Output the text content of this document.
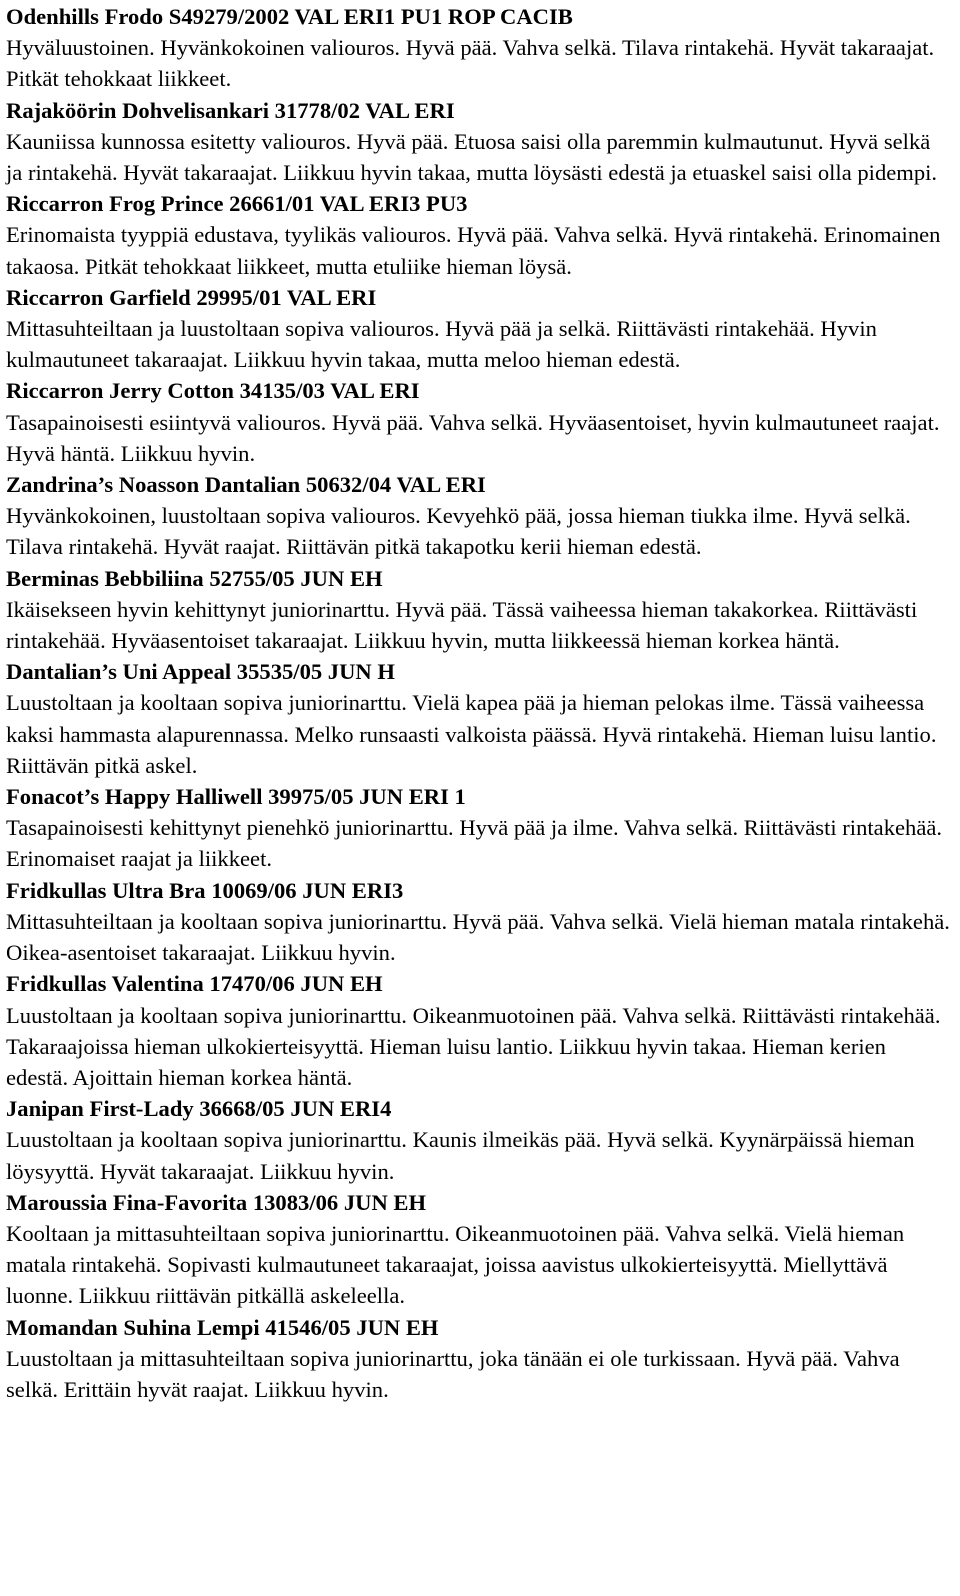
Odenhills Frodo S49279/2002 VAL ERI1 PU1 ROP CACIB
Hyväluustoinen. Hyvänkokoinen valiouros. Hyvä pää. Vahva selkä. Tilava rintakehä. Hyvät takaraajat. Pitkät tehokkaat liikkeet.
Rajaköörin Dohvelisankari 31778/02 VAL ERI
Kauniissa kunnossa esitetty valiouros. Hyvä pää. Etuosa saisi olla paremmin kulmautunut. Hyvä selkä ja rintakehä. Hyvät takaraajat. Liikkuu hyvin takaa, mutta löysästi edestä ja etuaskel saisi olla pidempi.
Riccarron Frog Prince 26661/01 VAL ERI3 PU3
Erinomaista tyyppiä edustava, tyylikäs valiouros. Hyvä pää. Vahva selkä. Hyvä rintakehä. Erinomainen takaosa. Pitkät tehokkaat liikkeet, mutta etuliike hieman löysä.
Riccarron Garfield 29995/01 VAL ERI
Mittasuhteiltaan ja luustoltaan sopiva valiouros. Hyvä pää ja selkä. Riittävästi rintakehää. Hyvin kulmautuneet takaraajat. Liikkuu hyvin takaa, mutta meloo hieman edestä.
Riccarron Jerry Cotton 34135/03 VAL ERI
Tasapainoisesti esiintyvä valiouros. Hyvä pää. Vahva selkä. Hyväasentoiset, hyvin kulmautuneet raajat. Hyvä häntä. Liikkuu hyvin.
Zandrina’s Noasson Dantalian 50632/04 VAL ERI
Hyvänkokoinen, luustoltaan sopiva valiouros. Kevyehkö pää, jossa hieman tiukka ilme. Hyvä selkä. Tilava rintakehä. Hyvät raajat. Riittävän pitkä takapotku kerii hieman edestä.
Berminas Bebbiliina 52755/05 JUN EH
Ikäisekseen hyvin kehittynyt juniorinarttu. Hyvä pää. Tässä vaiheessa hieman takakorkea. Riittävästi rintakehää. Hyväasentoiset takaraajat. Liikkuu hyvin, mutta liikkeessä hieman korkea häntä.
Dantalian’s Uni Appeal 35535/05 JUN H
Luustoltaan ja kooltaan sopiva juniorinarttu. Vielä kapea pää ja hieman pelokas ilme. Tässä vaiheessa kaksi hammasta alapurennassa. Melko runsaasti valkoista päässä. Hyvä rintakehä. Hieman luisu lantio. Riittävän pitkä askel.
Fonacot’s Happy Halliwell 39975/05 JUN ERI 1
Tasapainoisesti kehittynyt pienehkö juniorinarttu. Hyvä pää ja ilme. Vahva selkä. Riittävästi rintakehää. Erinomaiset raajat ja liikkeet.
Fridkullas Ultra Bra 10069/06 JUN ERI3
Mittasuhteiltaan ja kooltaan sopiva juniorinarttu. Hyvä pää. Vahva selkä. Vielä hieman matala rintakehä. Oikea-asentoiset takaraajat. Liikkuu hyvin.
Fridkullas Valentina 17470/06 JUN EH
Luustoltaan ja kooltaan sopiva juniorinarttu. Oikeanmuotoinen pää. Vahva selkä. Riittävästi rintakehää. Takaraajoissa hieman ulkokierteisyyttä. Hieman luisu lantio. Liikkuu hyvin takaa. Hieman kerien edestä. Ajoittain hieman korkea häntä.
Janipan First-Lady 36668/05 JUN ERI4
Luustoltaan ja kooltaan sopiva juniorinarttu. Kaunis ilmeikäs pää. Hyvä selkä. Kyynärpäissä hieman löysyyttä. Hyvät takaraajat. Liikkuu hyvin.
Maroussia Fina-Favorita 13083/06 JUN EH
Kooltaan ja mittasuhteiltaan sopiva juniorinarttu. Oikeanmuotoinen pää. Vahva selkä. Vielä hieman matala rintakehä. Sopivasti kulmautuneet takaraajat, joissa aavistus ulkokierteisyyttä. Miellyttävä luonne. Liikkuu riittävän pitkällä askeleella.
Momandan Suhina Lempi 41546/05 JUN EH
Luustoltaan ja mittasuhteiltaan sopiva juniorinarttu, joka tänään ei ole turkissaan. Hyvä pää. Vahva selkä. Erittäin hyvät raajat. Liikkuu hyvin.
